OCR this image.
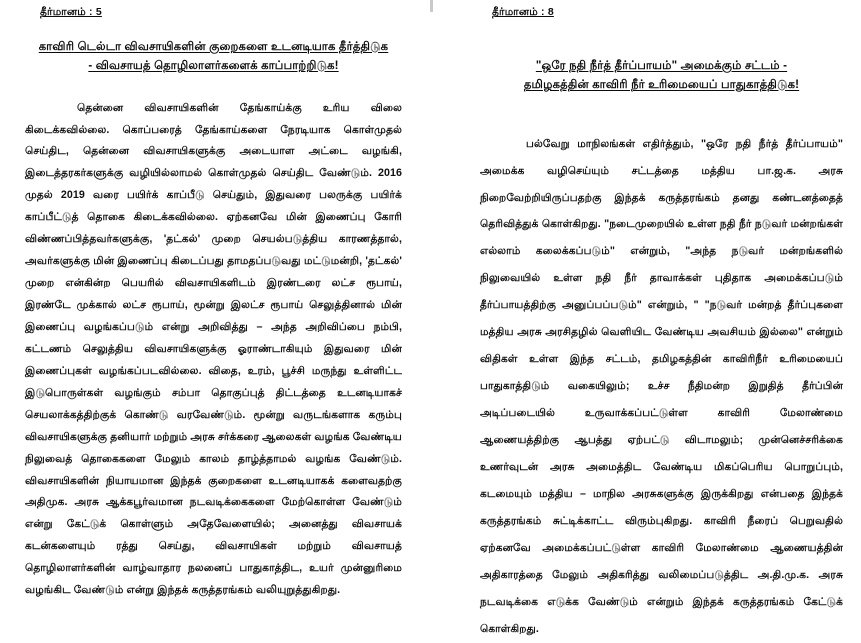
தீர்மானம் : 5
காவிரி டெல்டா விவசாயிகளின் குறைகளை உடனடியாக தீர்த்திடுக
- விவசாயத் தொழிலாளர்களைக் காப்பாற்றிடுக!
தென்னை விவசாயிகளின் தேங்காய்க்கு உரிய விலை கிடைக்கவில்லை. கொப்பரைத் தேங்காய்களை நேரடியாக கொள்முதல் செய்திட, தென்னை விவசாயிகளுக்கு அடையாள அட்டை வழங்கி, இடைத்தரகர்களுக்கு வழியில்லாமல் கொள்முதல் செய்திட வேண்டும். 2016 முதல் 2019 வரை பயிர்க் காப்பீடு செய்தும், இதுவரை பலருக்கு பயிர்க் காப்பீட்டுத் தொகை கிடைக்கவில்லை. ஏற்கனவே மின் இணைப்பு கோரி விண்ணப்பித்தவர்களுக்கு, 'தட்கல்' முறை செயல்படுத்திய காரணத்தால், அவர்களுக்கு மின் இணைப்பு கிடைப்பது தாமதப்படுவது மட்டுமன்றி, 'தட்கல்' முறை என்கின்ற பெயரில் விவசாயிகளிடம் இரண்டரை லட்ச ரூபாய், இரண்டே முக்கால் லட்ச ரூபாய், மூன்று இலட்ச ரூபாய் செலுத்தினால் மின் இணைப்பு வழங்கப்படும் என்று அறிவித்து – அந்த அறிவிப்பை நம்பி, கட்டணம் செலுத்திய விவசாயிகளுக்கு ஓராண்டாகியும் இதுவரை மின் இணைப்புகள் வழங்கப்படவில்லை. விதை, உரம், பூச்சி மருந்து உள்ளிட்ட இடுபொருள்கள் வழங்கும் சம்பா தொகுப்புத் திட்டத்தை உடனடியாகச் செயலாக்கத்திற்குக் கொண்டு வரவேண்டும். மூன்று வருடங்களாக கரும்பு விவசாயிகளுக்கு தனியார் மற்றும் அரசு சர்க்கரை ஆலைகள் வழங்க வேண்டிய நிலுவைத் தொகைகளை மேலும் காலம் தாழ்த்தாமல் வழங்க வேண்டும். விவசாயிகளின் நியாயமான இந்தக் குறைகளை உடனடியாகக் களைவதற்கு அதிமுக. அரசு ஆக்கபூர்வமான நடவடிக்கைகளை மேற்கொள்ள வேண்டும் என்று கேட்டுக் கொள்ளும் அதேவேளையில்; அனைத்து விவசாயக் கடன்களையும் ரத்து செய்து, விவசாயிகள் மற்றும் விவசாயத் தொழிலாளர்களின் வாழ்வாதார நலனைப் பாதுகாத்திட, உயர் முன்னுரிமை வழங்கிட வேண்டும் என்று இந்தக் கருத்தரங்கம் வலியுறுத்துகிறது.
தீர்மானம் : 8
"ஒரே நதி நீர்த் தீர்ப்பாயம்" அமைக்கும் சட்டம் -
தமிழகத்தின் காவிரி நீர் உரிமையைப் பாதுகாத்திடுக!
பல்வேறு மாநிலங்கள் எதிர்த்தும், "ஒரே நதி நீர்த் தீர்ப்பாயம்" அமைக்க வழிசெய்யும் சட்டத்தை மத்திய பா.ஜ.க. அரசு நிறைவேற்றியிருப்பதற்கு இந்தக் கருத்தரங்கம் தனது கண்டனத்தைத் தெரிவித்துக் கொள்கிறது. "நடைமுறையில் உள்ள நதி நீர் நடுவர் மன்றங்கள் எல்லாம் கலைக்கப்படும்" என்றும், "அந்த நடுவர் மன்றங்களில் நிலுவையில் உள்ள நதி நீர் தாவாக்கள் புதிதாக அமைக்கப்படும் தீர்ப்பாயத்திற்கு அனுப்பப்படும்" என்றும், " "நடுவர் மன்றத் தீர்ப்புகளை மத்திய அரசு அரசிதழில் வெளியிட வேண்டிய அவசியம் இல்லை" என்றும் விதிகள் உள்ள இந்த சட்டம், தமிழகத்தின் காவிரிநீர் உரிமையைப் பாதுகாத்திடும் வகையிலும்; உச்ச நீதிமன்ற இறுதித் தீர்ப்பின் அடிப்படையில் உருவாக்கப்பட்டுள்ள காவிரி மேலாண்மை ஆணையத்திற்கு ஆபத்து ஏற்பட்டு விடாமலும்; முன்னெச்சரிக்கை உணர்வுடன் அரசு அமைத்திட வேண்டிய மிகப்பெரிய பொறுப்பும், கடமையும் மத்திய – மாநில அரசுகளுக்கு இருக்கிறது என்பதை இந்தக் கருத்தரங்கம் சுட்டிக்காட்ட விரும்புகிறது. காவிரி நீரைப் பெறுவதில் ஏற்கனவே அமைக்கப்பட்டுள்ள காவிரி மேலாண்மை ஆணையத்தின் அதிகாரத்தை மேலும் அதிகரித்து வலிமைப்படுத்திட அ.தி.மு.க. அரசு நடவடிக்கை எடுக்க வேண்டும் என்றும் இந்தக் கருத்தரங்கம் கேட்டுக் கொள்கிறது.
